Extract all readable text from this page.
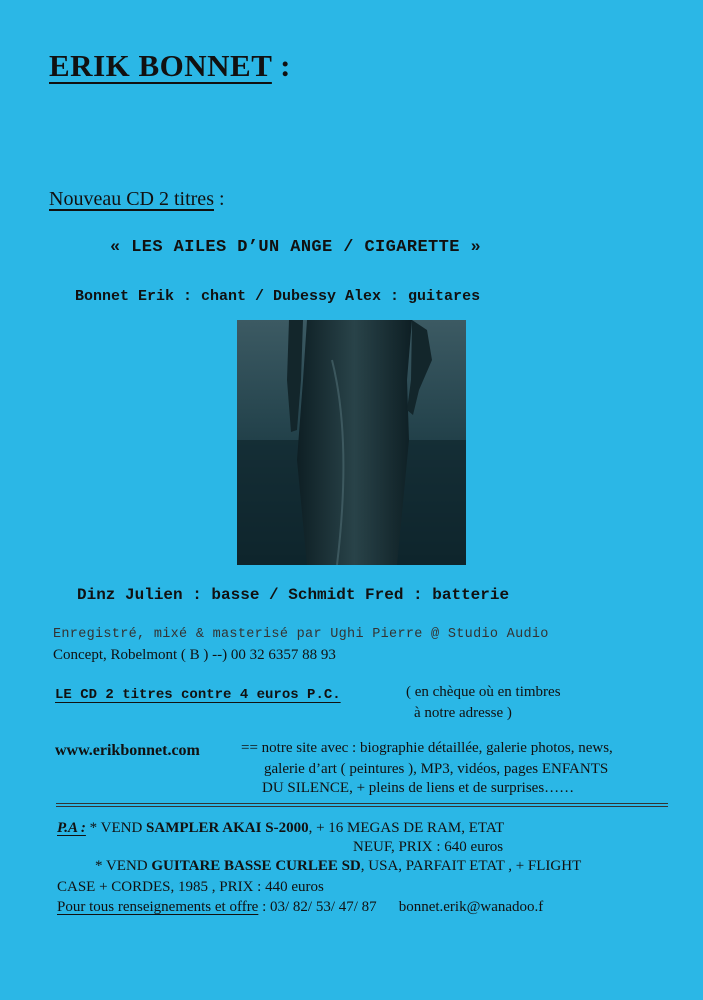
ERIK BONNET :
Nouveau CD 2 titres :
« LES AILES D’UN ANGE / CIGARETTE »
Bonnet Erik : chant / Dubessy Alex : guitares
Dinz Julien : basse / Schmidt Fred : batterie
Enregistré, mixé & masterisé par Ughi Pierre @ Studio Audio
Concept, Robelmont ( B ) --) 00 32 6357 88 93
LE CD 2 titres contre 4 euros P.C.	( en chèque où en timbres
à notre adresse )
www.erikbonnet.com	== notre site avec : biographie détaillée, galerie photos, news,
galerie d’art ( peintures ), MP3, vidéos, pages ENFANTS
DU SILENCE, + pleins de liens et de surprises……
P.A : * VEND SAMPLER AKAI S-2000, + 16 MEGAS DE RAM, ETAT
NEUF, PRIX : 640 euros
* VEND GUITARE BASSE CURLEE SD, USA, PARFAIT ETAT , + FLIGHT
CASE + CORDES, 1985 , PRIX : 440 euros
Pour tous renseignements et offre : 03/ 82/ 53/ 47/ 87 bonnet.erik@wanadoo.f
